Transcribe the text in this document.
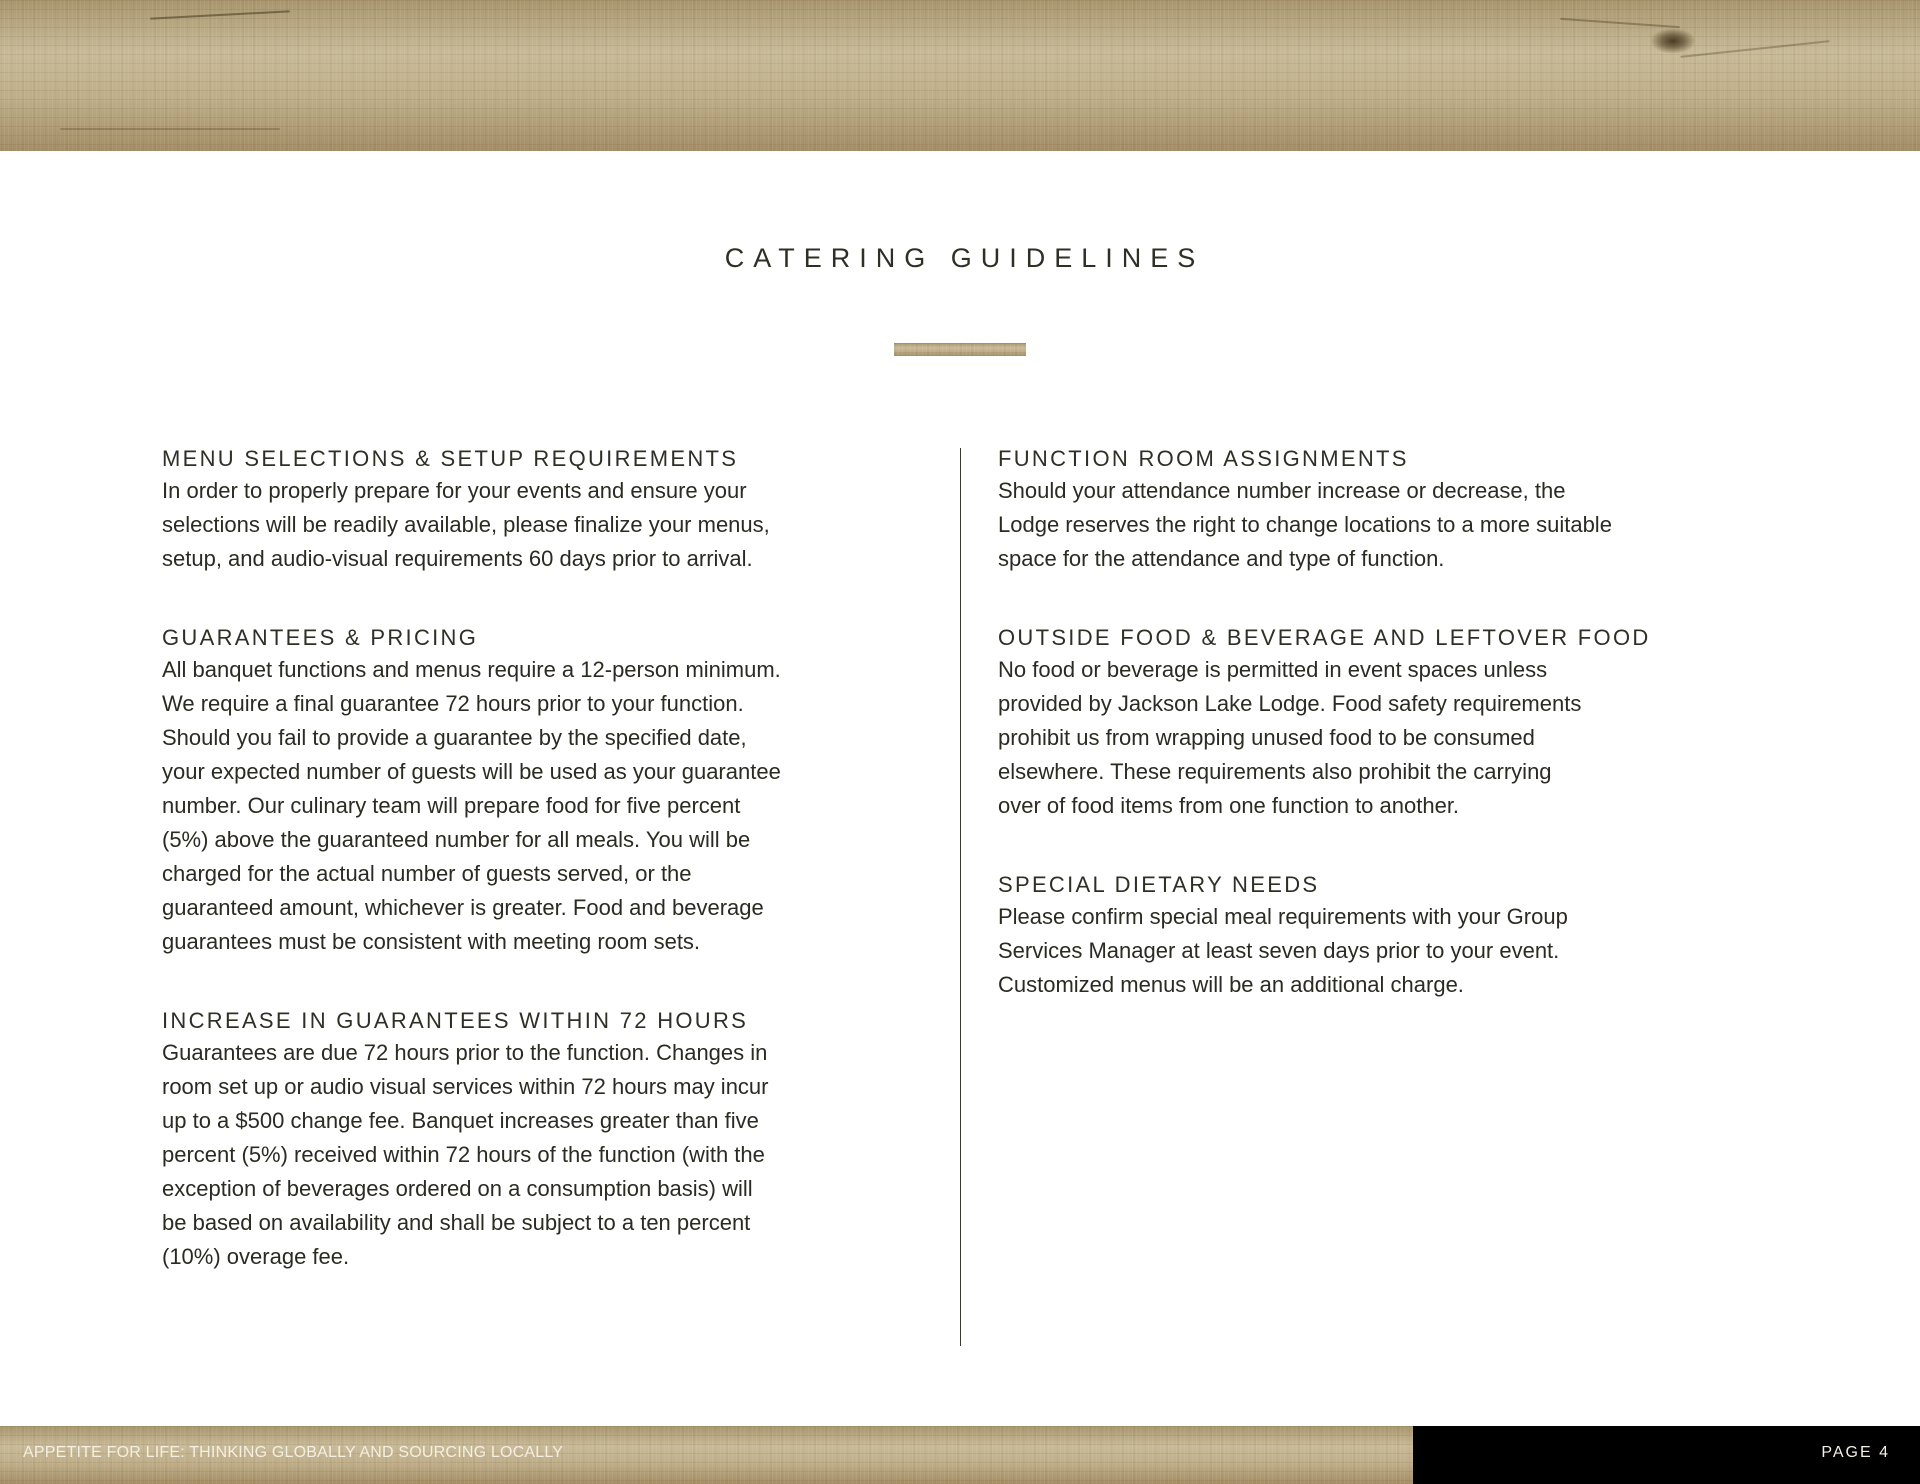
CATERING GUIDELINES
MENU SELECTIONS & SETUP REQUIREMENTS
In order to properly prepare for your events and ensure your
selections will be readily available, please finalize your menus,
setup, and audio-visual requirements 60 days prior to arrival.
GUARANTEES & PRICING
All banquet functions and menus require a 12-person minimum.
We require a final guarantee 72 hours prior to your function.
Should you fail to provide a guarantee by the specified date,
your expected number of guests will be used as your guarantee
number. Our culinary team will prepare food for five percent
(5%) above the guaranteed number for all meals. You will be
charged for the actual number of guests served, or the
guaranteed amount, whichever is greater. Food and beverage
guarantees must be consistent with meeting room sets.
INCREASE IN GUARANTEES WITHIN 72 HOURS
Guarantees are due 72 hours prior to the function. Changes in
room set up or audio visual services within 72 hours may incur
up to a $500 change fee. Banquet increases greater than five
percent (5%) received within 72 hours of the function (with the
exception of beverages ordered on a consumption basis) will
be based on availability and shall be subject to a ten percent
(10%) overage fee.
FUNCTION ROOM ASSIGNMENTS
Should your attendance number increase or decrease, the
Lodge reserves the right to change locations to a more suitable
space for the attendance and type of function.
OUTSIDE FOOD & BEVERAGE AND LEFTOVER FOOD
No food or beverage is permitted in event spaces unless
provided by Jackson Lake Lodge. Food safety requirements
prohibit us from wrapping unused food to be consumed
elsewhere. These requirements also prohibit the carrying
over of food items from one function to another.
SPECIAL DIETARY NEEDS
Please confirm special meal requirements with your Group
Services Manager at least seven days prior to your event.
Customized menus will be an additional charge.
APPETITE FOR LIFE: THINKING GLOBALLY AND SOURCING LOCALLY	PAGE 4
